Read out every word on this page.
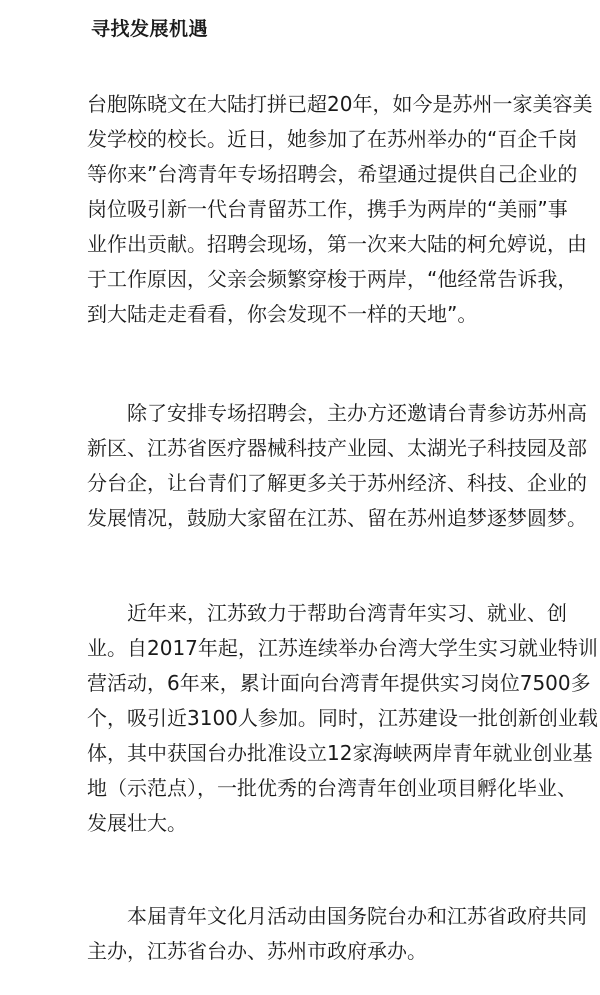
寻找发展机遇
台胞陈晓文在大陆打拼已超20年，如今是苏州一家美容美
发学校的校长。近日，她参加了在苏州举办的“百企千岗
等你来”台湾青年专场招聘会，希望通过提供自己企业的
岗位吸引新一代台青留苏工作，携手为两岸的“美丽”事
业作出贡献。招聘会现场，第一次来大陆的柯允婷说，由
于工作原因，父亲会频繁穿梭于两岸，“他经常告诉我，
到大陆走走看看，你会发现不一样的天地”。
　　除了安排专场招聘会，主办方还邀请台青参访苏州高
新区、江苏省医疗器械科技产业园、太湖光子科技园及部
分台企，让台青们了解更多关于苏州经济、科技、企业的
发展情况，鼓励大家留在江苏、留在苏州追梦逐梦圆梦。
　　近年来，江苏致力于帮助台湾青年实习、就业、创
业。自2017年起，江苏连续举办台湾大学生实习就业特训
营活动，6年来，累计面向台湾青年提供实习岗位7500多
个，吸引近3100人参加。同时，江苏建设一批创新创业载
体，其中获国台办批准设立12家海峡两岸青年就业创业基
地（示范点），一批优秀的台湾青年创业项目孵化毕业、
发展壮大。
　　本届青年文化月活动由国务院台办和江苏省政府共同
主办，江苏省台办、苏州市政府承办。
